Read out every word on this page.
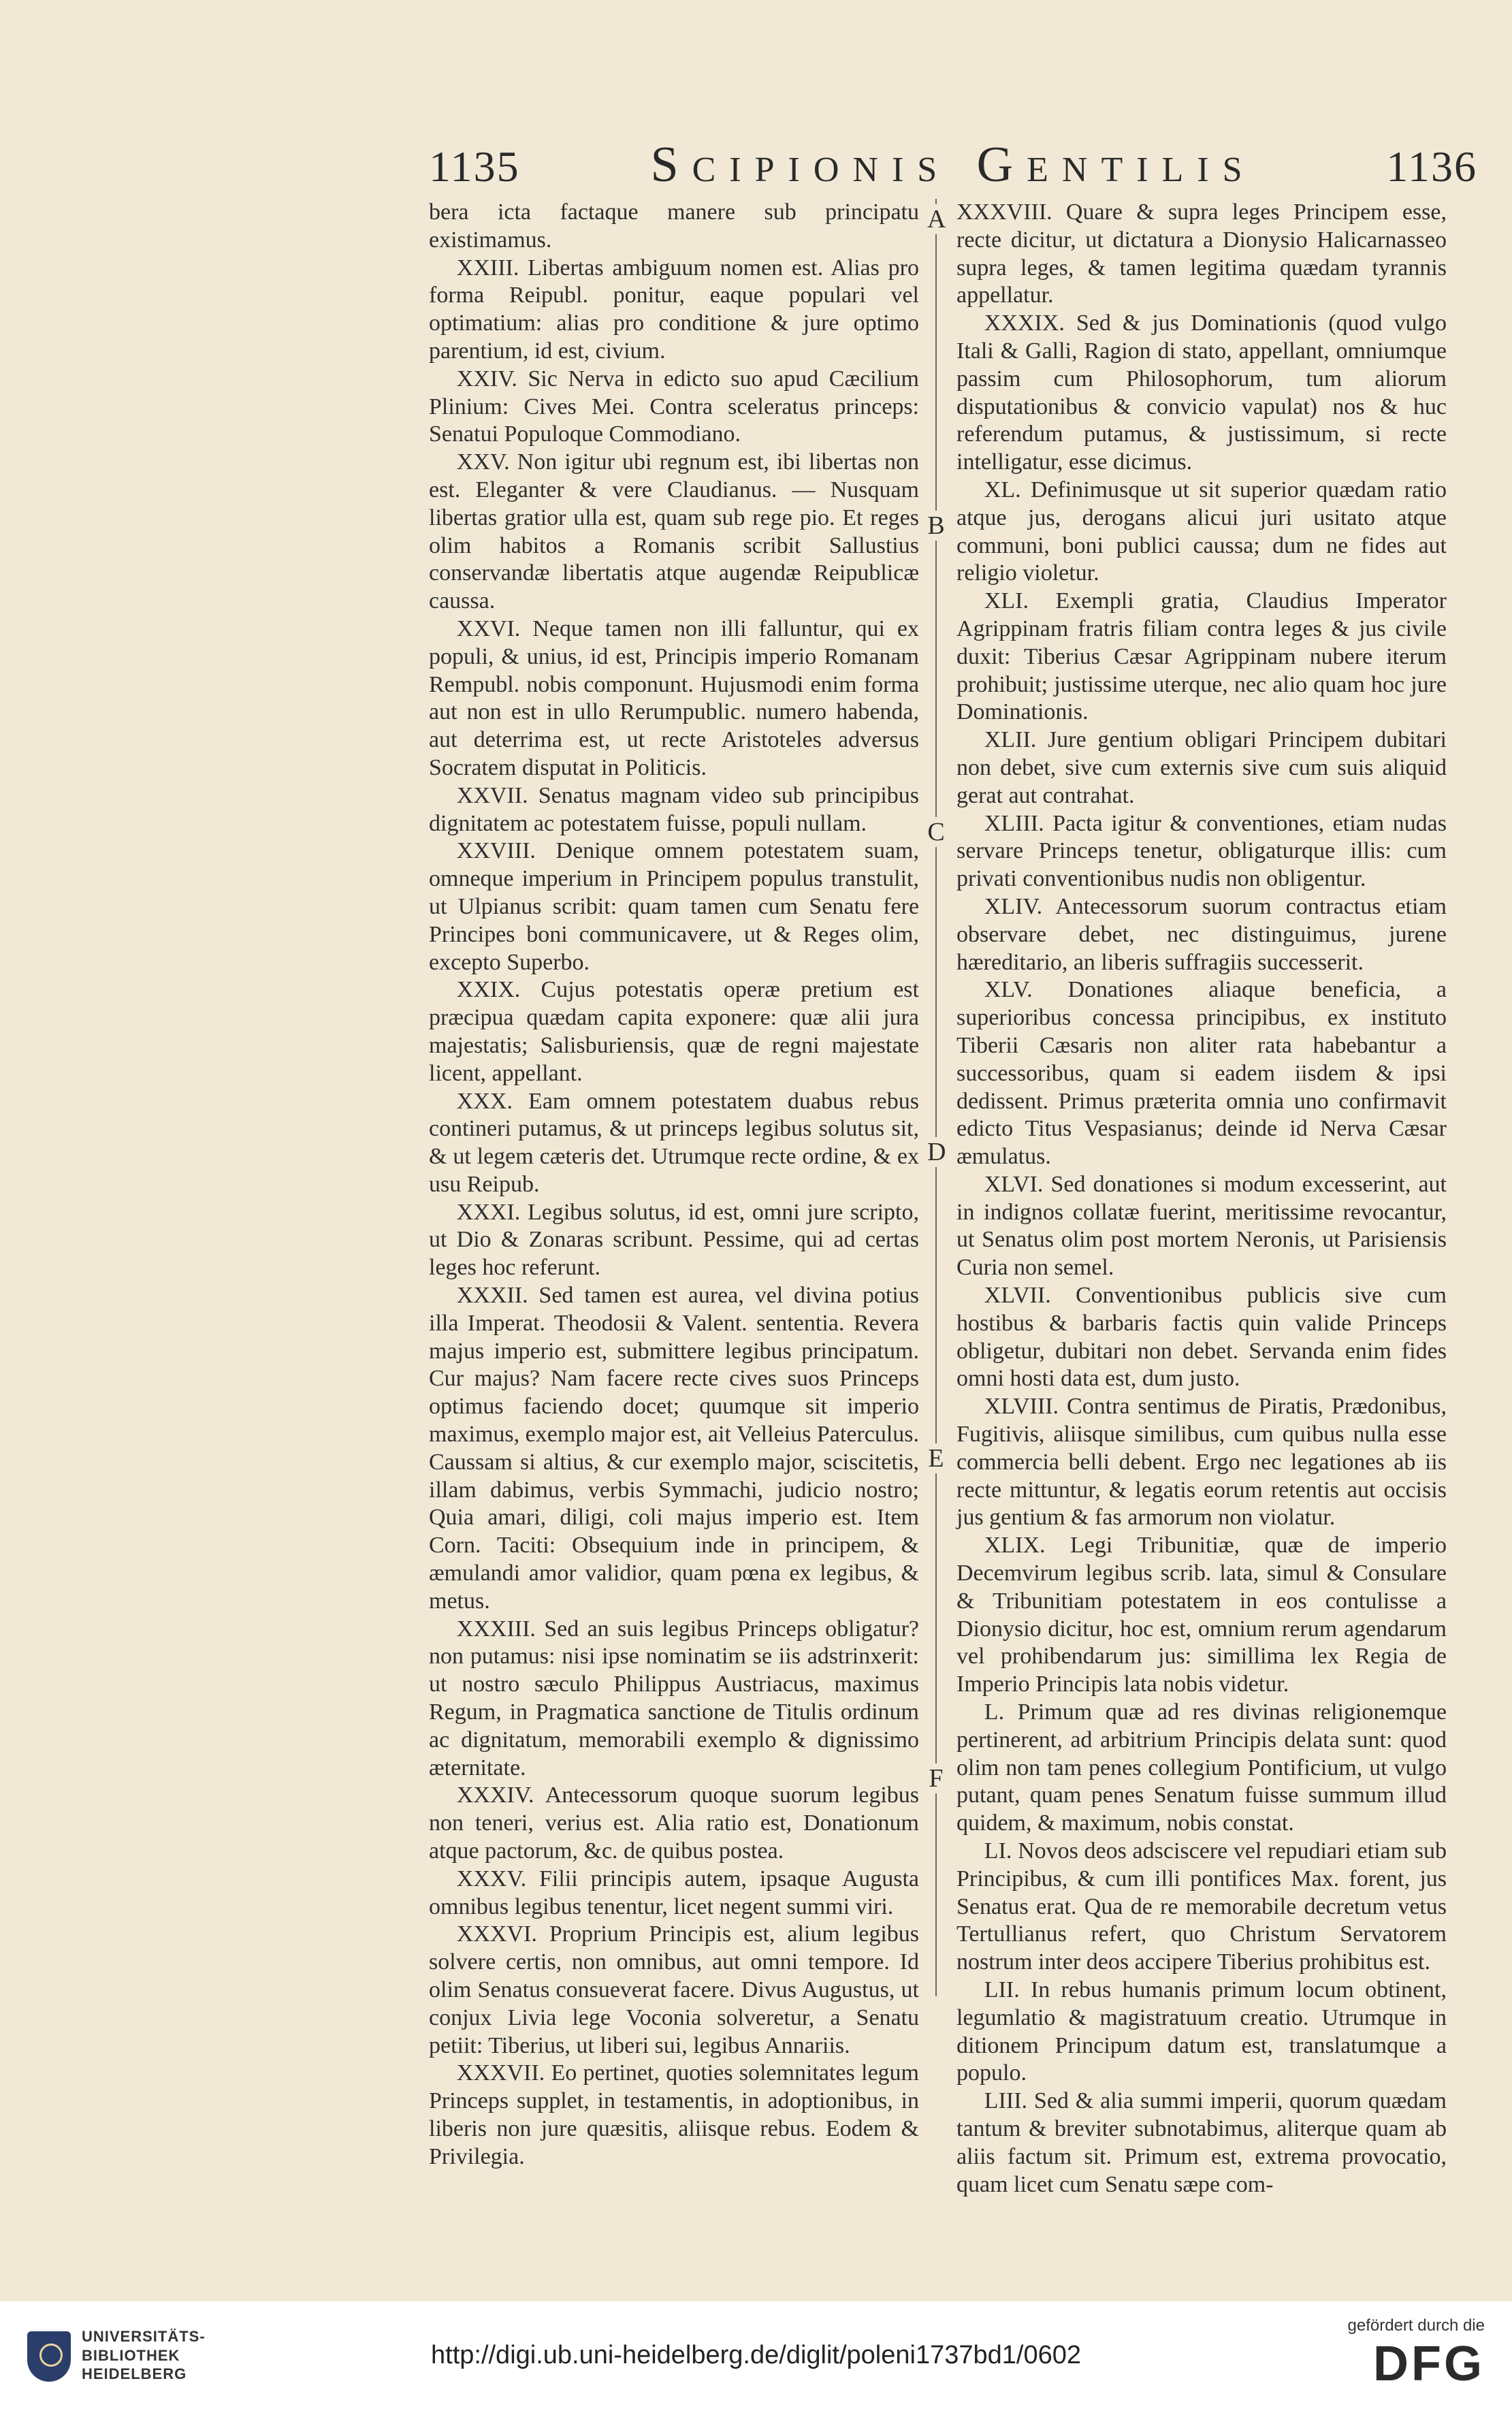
1135	Scipionis Gentilis	1136

bera icta factaque manere sub principatu existimamus.

XXIII. Libertas ambiguum nomen est. Alias pro forma Reipubl. ponitur, eaque populari vel optimatium: alias pro conditione & jure optimo parentium, id est, civium.

XXIV. Sic Nerva in edicto suo apud Cæcilium Plinium: Cives Mei. Contra sceleratus princeps: Senatui Populoque Commodiano.

XXV. Non igitur ubi regnum est, ibi libertas non est. Eleganter & vere Claudianus. — Nusquam libertas gratior ulla est, quam sub rege pio. Et reges olim habitos a Romanis scribit Sallustius conservandæ libertatis atque augendæ Reipublicæ caussa.

XXVI. Neque tamen non illi falluntur, qui ex populi, & unius, id est, Principis imperio Romanam Rempubl. nobis componunt. Hujusmodi enim forma aut non est in ullo Rerumpublic. numero habenda, aut deterrima est, ut recte Aristoteles adversus Socratem disputat in Politicis.

XXVII. Senatus magnam video sub principibus dignitatem ac potestatem fuisse, populi nullam.

XXVIII. Denique omnem potestatem suam, omneque imperium in Principem populus transtulit, ut Ulpianus scribit: quam tamen cum Senatu fere Principes boni communicavere, ut & Reges olim, excepto Superbo.

XXIX. Cujus potestatis operæ pretium est præcipua quædam capita exponere: quæ alii jura majestatis; Salisburiensis, quæ de regni majestate licent, appellant.

XXX. Eam omnem potestatem duabus rebus contineri putamus, & ut princeps legibus solutus sit, & ut legem cæteris det. Utrumque recte ordine, & ex usu Reipub.

XXXI. Legibus solutus, id est, omni jure scripto, ut Dio & Zonaras scribunt. Pessime, qui ad certas leges hoc referunt.

XXXII. Sed tamen est aurea, vel divina potius illa Imperat. Theodosii & Valent. sententia. Revera majus imperio est, submittere legibus principatum. Cur majus? Nam facere recte cives suos Princeps optimus faciendo docet; quumque sit imperio maximus, exemplo major est, ait Velleius Paterculus. Caussam si altius, & cur exemplo major, sciscitetis, illam dabimus, verbis Symmachi, judicio nostro; Quia amari, diligi, coli majus imperio est. Item Corn. Taciti: Obsequium inde in principem, & æmulandi amor validior, quam pœna ex legibus, & metus.

XXXIII. Sed an suis legibus Princeps obligatur? non putamus: nisi ipse nominatim se iis adstrinxerit: ut nostro sæculo Philippus Austriacus, maximus Regum, in Pragmatica sanctione de Titulis ordinum ac dignitatum, memorabili exemplo & dignissimo æternitate.

XXXIV. Antecessorum quoque suorum legibus non teneri, verius est. Alia ratio est, Donationum atque pactorum, &c. de quibus postea.

XXXV. Filii principis autem, ipsaque Augusta omnibus legibus tenentur, licet negent summi viri.

XXXVI. Proprium Principis est, alium legibus solvere certis, non omnibus, aut omni tempore. Id olim Senatus consueverat facere. Divus Augustus, ut conjux Livia lege Voconia solveretur, a Senatu petiit: Tiberius, ut liberi sui, legibus Annariis.

XXXVII. Eo pertinet, quoties solemnitates legum Princeps supplet, in testamentis, in adoptionibus, in liberis non jure quæsitis, aliisque rebus. Eodem & Privilegia.

A
B
C
D
E
F

XXXVIII. Quare & supra leges Principem esse, recte dicitur, ut dictatura a Dionysio Halicarnasseo supra leges, & tamen legitima quædam tyrannis appellatur.

XXXIX. Sed & jus Dominationis (quod vulgo Itali & Galli, Ragion di stato, appellant, omniumque passim cum Philosophorum, tum aliorum disputationibus & convicio vapulat) nos & huc referendum putamus, & justissimum, si recte intelligatur, esse dicimus.

XL. Definimusque ut sit superior quædam ratio atque jus, derogans alicui juri usitato atque communi, boni publici caussa; dum ne fides aut religio violetur.

XLI. Exempli gratia, Claudius Imperator Agrippinam fratris filiam contra leges & jus civile duxit: Tiberius Cæsar Agrippinam nubere iterum prohibuit; justissime uterque, nec alio quam hoc jure Dominationis.

XLII. Jure gentium obligari Principem dubitari non debet, sive cum externis sive cum suis aliquid gerat aut contrahat.

XLIII. Pacta igitur & conventiones, etiam nudas servare Princeps tenetur, obligaturque illis: cum privati conventionibus nudis non obligentur.

XLIV. Antecessorum suorum contractus etiam observare debet, nec distinguimus, jurene hæreditario, an liberis suffragiis successerit.

XLV. Donationes aliaque beneficia, a superioribus concessa principibus, ex instituto Tiberii Cæsaris non aliter rata habebantur a successoribus, quam si eadem iisdem & ipsi dedissent. Primus præterita omnia uno confirmavit edicto Titus Vespasianus; deinde id Nerva Cæsar æmulatus.

XLVI. Sed donationes si modum excesserint, aut in indignos collatæ fuerint, meritissime revocantur, ut Senatus olim post mortem Neronis, ut Parisiensis Curia non semel.

XLVII. Conventionibus publicis sive cum hostibus & barbaris factis quin valide Princeps obligetur, dubitari non debet. Servanda enim fides omni hosti data est, dum justo.

XLVIII. Contra sentimus de Piratis, Prædonibus, Fugitivis, aliisque similibus, cum quibus nulla esse commercia belli debent. Ergo nec legationes ab iis recte mittuntur, & legatis eorum retentis aut occisis jus gentium & fas armorum non violatur.

XLIX. Legi Tribunitiæ, quæ de imperio Decemvirum legibus scrib. lata, simul & Consulare & Tribunitiam potestatem in eos contulisse a Dionysio dicitur, hoc est, omnium rerum agendarum vel prohibendarum jus: simillima lex Regia de Imperio Principis lata nobis videtur.

L. Primum quæ ad res divinas religionemque pertinerent, ad arbitrium Principis delata sunt: quod olim non tam penes collegium Pontificium, ut vulgo putant, quam penes Senatum fuisse summum illud quidem, & maximum, nobis constat.

LI. Novos deos adsciscere vel repudiari etiam sub Principibus, & cum illi pontifices Max. forent, jus Senatus erat. Qua de re memorabile decretum vetus Tertullianus refert, quo Christum Servatorem nostrum inter deos accipere Tiberius prohibitus est.

LII. In rebus humanis primum locum obtinent, legumlatio & magistratuum creatio. Utrumque in ditionem Principum datum est, translatumque a populo.

LIII. Sed & alia summi imperii, quorum quædam tantum & breviter subnotabimus, aliterque quam ab aliis factum sit. Primum est, extrema provocatio, quam licet cum Senatu sæpe com-

UNIVERSITÄTS-
BIBLIOTHEK
HEIDELBERG
http://digi.ub.uni-heidelberg.de/diglit/poleni1737bd1/0602
gefördert durch die
DFG
